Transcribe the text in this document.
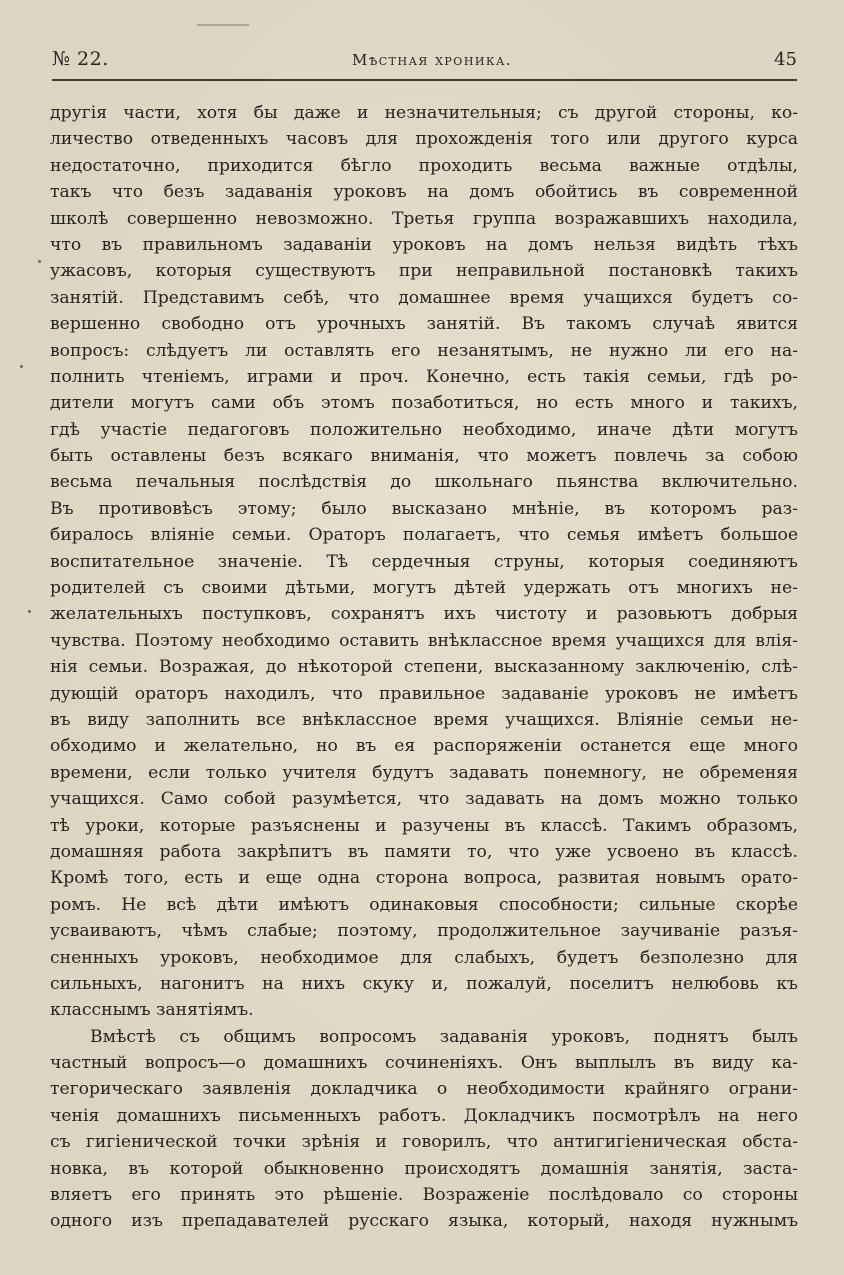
№ 22.	Мѣстная хроника.	45
другія части, хотя бы даже и незначительныя; съ другой стороны, ко-
личество отведенныхъ часовъ для прохожденія того или другого курса
недостаточно, приходится бѣгло проходить весьма важные отдѣлы,
такъ что безъ задаванія уроковъ на домъ обойтись въ современной
школѣ совершенно невозможно. Третья группа возражавшихъ находила,
что въ правильномъ задаваніи уроковъ на домъ нельзя видѣть тѣхъ
ужасовъ, которыя существуютъ при неправильной постановкѣ такихъ
занятій. Представимъ себѣ, что домашнее время учащихся будетъ со-
вершенно свободно отъ урочныхъ занятій. Въ такомъ случаѣ явится
вопросъ: слѣдуетъ ли оставлять его незанятымъ, не нужно ли его на-
полнить чтеніемъ, играми и проч. Конечно, есть такія семьи, гдѣ ро-
дители могутъ сами объ этомъ позаботиться, но есть много и такихъ,
гдѣ участіе педагоговъ положительно необходимо, иначе дѣти могутъ
быть оставлены безъ всякаго вниманія, что можетъ повлечь за собою
весьма печальныя послѣдствія до школьнаго пьянства включительно.
Въ противовѣсъ этому; было высказано мнѣніе, въ которомъ раз-
биралось вліяніе семьи. Ораторъ полагаетъ, что семья имѣетъ большое
воспитательное значеніе. Тѣ сердечныя струны, которыя соединяютъ
родителей съ своими дѣтьми, могутъ дѣтей удержать отъ многихъ не-
желательныхъ поступковъ, сохранятъ ихъ чистоту и разовьютъ добрыя
чувства. Поэтому необходимо оставить внѣклассное время учащихся для влія-
нія семьи. Возражая, до нѣкоторой степени, высказанному заключенію, слѣ-
дующій ораторъ находилъ, что правильное задаваніе уроковъ не имѣетъ
въ виду заполнить все внѣклассное время учащихся. Вліяніе семьи не-
обходимо и желательно, но въ ея распоряженіи останется еще много
времени, если только учителя будутъ задавать понемногу, не обременяя
учащихся. Само собой разумѣется, что задавать на домъ можно только
тѣ уроки, которые разъяснены и разучены въ классѣ. Такимъ образомъ,
домашняя работа закрѣпитъ въ памяти то, что уже усвоено въ классѣ.
Кромѣ того, есть и еще одна сторона вопроса, развитая новымъ орато-
ромъ. Не всѣ дѣти имѣютъ одинаковыя способности; сильные скорѣе
усваиваютъ, чѣмъ слабые; поэтому, продолжительное заучиваніе разъя-
сненныхъ уроковъ, необходимое для слабыхъ, будетъ безполезно для
сильныхъ, нагонитъ на нихъ скуку и, пожалуй, поселитъ нелюбовь къ
класснымъ занятіямъ.
Вмѣстѣ съ общимъ вопросомъ задаванія уроковъ, поднятъ былъ
частный вопросъ—о домашнихъ сочиненіяхъ. Онъ выплылъ въ виду ка-
тегорическаго заявленія докладчика о необходимости крайняго ограни-
ченія домашнихъ письменныхъ работъ. Докладчикъ посмотрѣлъ на него
съ гигіенической точки зрѣнія и говорилъ, что антигигіеническая обста-
новка, въ которой обыкновенно происходятъ домашнія занятія, заста-
вляетъ его принять это рѣшеніе. Возраженіе послѣдовало со стороны
одного изъ препадавателей русскаго языка, который, находя нужнымъ
